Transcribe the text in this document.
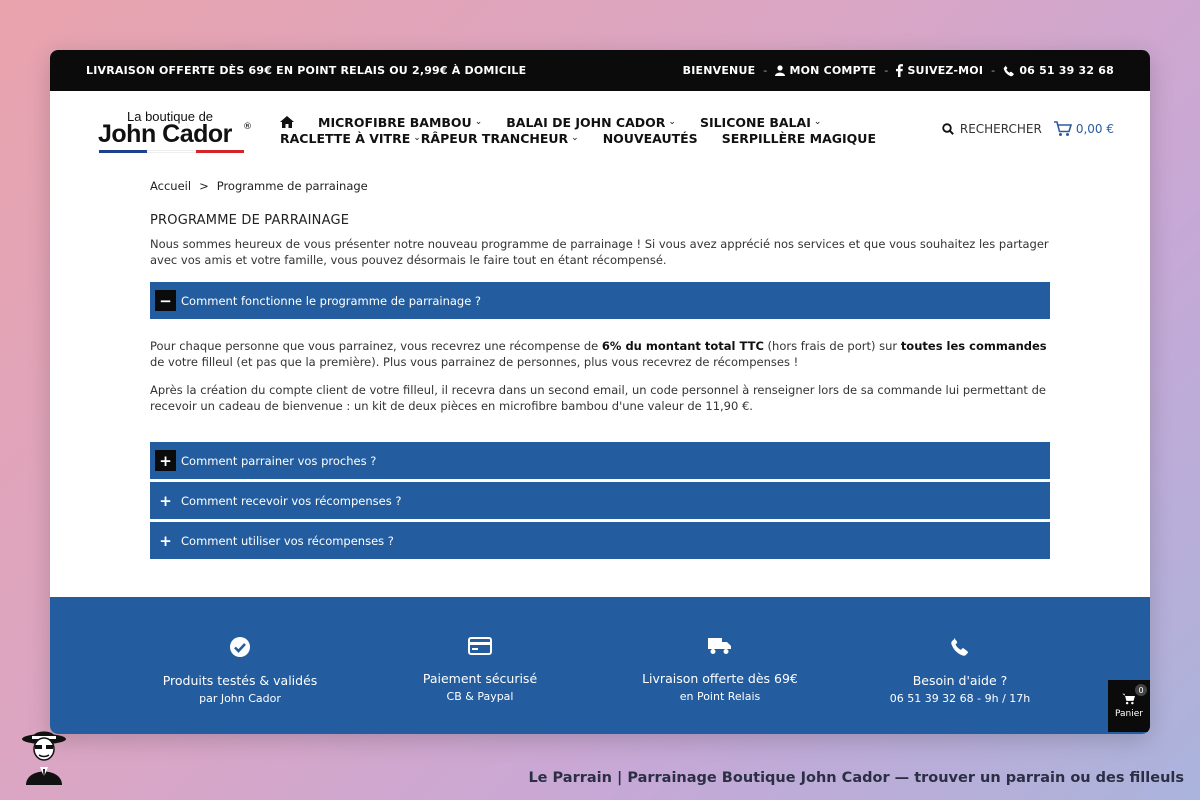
LIVRAISON OFFERTE DÈS 69€ EN POINT RELAIS OU 2,99€ À DOMICILE	BIENVENUE - MON COMPTE - SUIVEZ-MOI - 06 51 39 32 68
La boutique de
John Cador ®	MICROFIBRE BAMBOU ⌄ BALAI DE JOHN CADOR ⌄ SILICONE BALAI ⌄
RACLETTE À VITRE ⌄ RÂPEUR TRANCHEUR ⌄ NOUVEAUTÉS SERPILLÈRE MAGIQUE
RECHERCHER	0,00 €
Accueil > Programme de parrainage
PROGRAMME DE PARRAINAGE

Nous sommes heureux de vous présenter notre nouveau programme de parrainage ! Si vous avez apprécié nos services et que vous souhaitez les partager avec vos amis et votre famille, vous pouvez désormais le faire tout en étant récompensé.

− Comment fonctionne le programme de parrainage ?

Pour chaque personne que vous parrainez, vous recevrez une récompense de 6% du montant total TTC (hors frais de port) sur toutes les commandes de votre filleul (et pas que la première). Plus vous parrainez de personnes, plus vous recevrez de récompenses !

Après la création du compte client de votre filleul, il recevra dans un second email, un code personnel à renseigner lors de sa commande lui permettant de recevoir un cadeau de bienvenue : un kit de deux pièces en microfibre bambou d'une valeur de 11,90 €.

+ Comment parrainer vos proches ?
+ Comment recevoir vos récompenses ?
+ Comment utiliser vos récompenses ?
Produits testés & validés
par John Cador
Paiement sécurisé
CB & Paypal
Livraison offerte dès 69€
en Point Relais
Besoin d'aide ?
06 51 39 32 68 - 9h / 17h
0
Panier
Le Parrain | Parrainage Boutique John Cador — trouver un parrain ou des filleuls
